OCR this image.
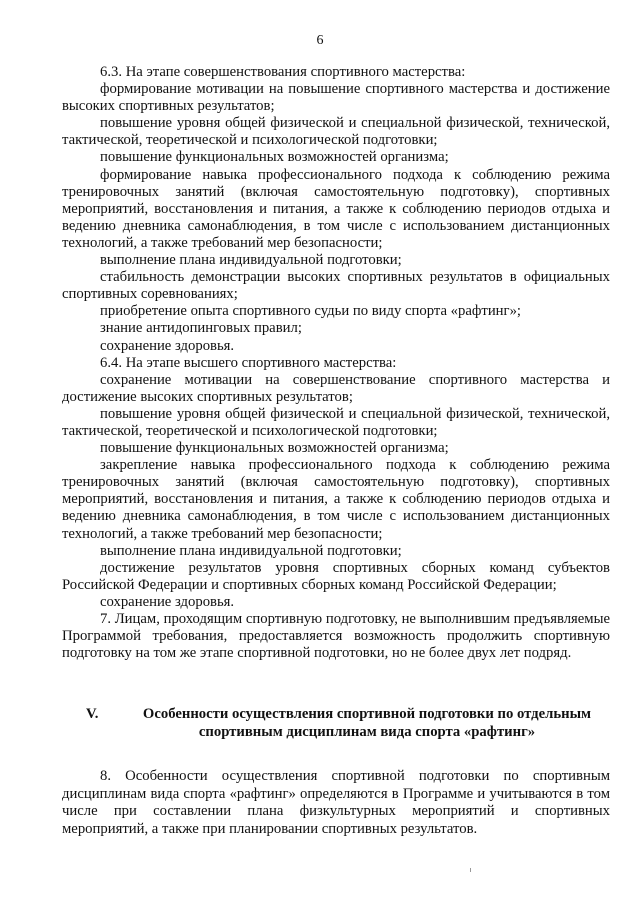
6

6.3. На этапе совершенствования спортивного мастерства:

формирование мотивации на повышение спортивного мастерства и достижение высоких спортивных результатов;

повышение уровня общей физической и специальной физической, технической, тактической, теоретической и психологической подготовки;

повышение функциональных возможностей организма;

формирование навыка профессионального подхода к соблюдению режима тренировочных занятий (включая самостоятельную подготовку), спортивных мероприятий, восстановления и питания, а также к соблюдению периодов отдыха и ведению дневника самонаблюдения, в том числе с использованием дистанционных технологий, а также требований мер безопасности;

выполнение плана индивидуальной подготовки;

стабильность демонстрации высоких спортивных результатов в официальных спортивных соревнованиях;

приобретение опыта спортивного судьи по виду спорта «рафтинг»;

знание антидопинговых правил;

сохранение здоровья.

6.4. На этапе высшего спортивного мастерства:

сохранение мотивации на совершенствование спортивного мастерства и достижение высоких спортивных результатов;

повышение уровня общей физической и специальной физической, технической, тактической, теоретической и психологической подготовки;

повышение функциональных возможностей организма;

закрепление навыка профессионального подхода к соблюдению режима тренировочных занятий (включая самостоятельную подготовку), спортивных мероприятий, восстановления и питания, а также к соблюдению периодов отдыха и ведению дневника самонаблюдения, в том числе с использованием дистанционных технологий, а также требований мер безопасности;

выполнение плана индивидуальной подготовки;

достижение результатов уровня спортивных сборных команд субъектов Российской Федерации и спортивных сборных команд Российской Федерации;

сохранение здоровья.

7. Лицам, проходящим спортивную подготовку, не выполнившим предъявляемые Программой требования, предоставляется возможность продолжить спортивную подготовку на том же этапе спортивной подготовки, но не более двух лет подряд.

V.	Особенности осуществления спортивной подготовки по отдельным спортивным дисциплинам вида спорта «рафтинг»

8. Особенности осуществления спортивной подготовки по спортивным дисциплинам вида спорта «рафтинг» определяются в Программе и учитываются в том числе при составлении плана физкультурных мероприятий и спортивных мероприятий, а также при планировании спортивных результатов.
